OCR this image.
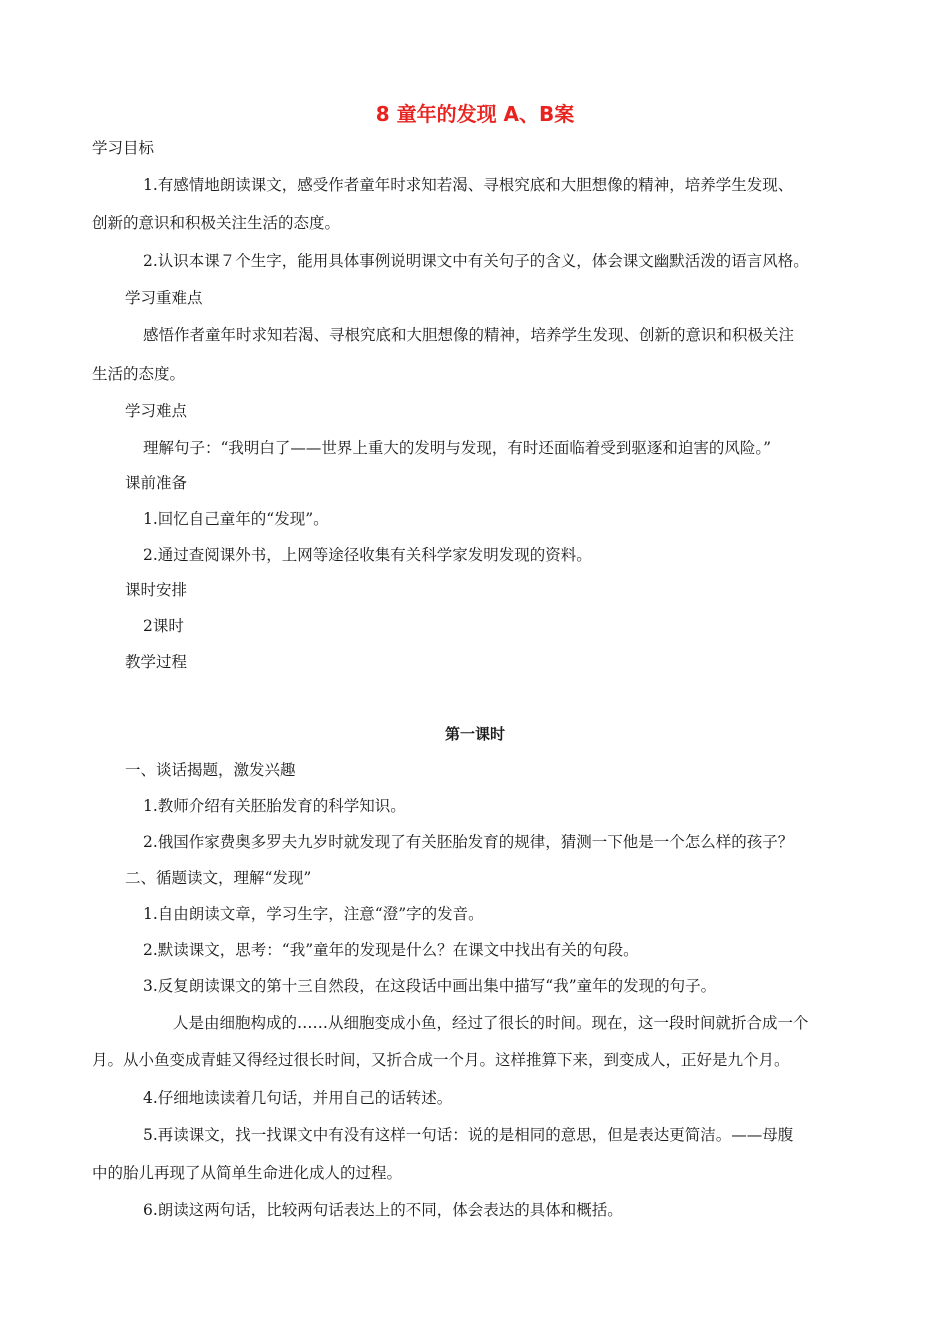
8 童年的发现 A、B案

学习目标

1.有感情地朗读课文，感受作者童年时求知若渴、寻根究底和大胆想像的精神，培养学生发现、

创新的意识和积极关注生活的态度。

2.认识本课７个生字，能用具体事例说明课文中有关句子的含义，体会课文幽默活泼的语言风格。

学习重难点

感悟作者童年时求知若渴、寻根究底和大胆想像的精神，培养学生发现、创新的意识和积极关注

生活的态度。

学习难点

理解句子：“我明白了——世界上重大的发明与发现，有时还面临着受到驱逐和迫害的风险。”

课前准备

1.回忆自己童年的“发现”。

2.通过查阅课外书，上网等途径收集有关科学家发明发现的资料。

课时安排

2课时

教学过程

第一课时

一、谈话揭题，激发兴趣

1.教师介绍有关胚胎发育的科学知识。

2.俄国作家费奥多罗夫九岁时就发现了有关胚胎发育的规律，猜测一下他是一个怎么样的孩子？

二、循题读文，理解“发现”

1.自由朗读文章，学习生字，注意“澄”字的发音。

2.默读课文，思考：“我”童年的发现是什么？在课文中找出有关的句段。

3.反复朗读课文的第十三自然段，在这段话中画出集中描写“我”童年的发现的句子。

人是由细胞构成的……从细胞变成小鱼，经过了很长的时间。现在，这一段时间就折合成一个

月。从小鱼变成青蛙又得经过很长时间，又折合成一个月。这样推算下来，到变成人，正好是九个月。

4.仔细地读读着几句话，并用自己的话转述。

5.再读课文，找一找课文中有没有这样一句话：说的是相同的意思，但是表达更简洁。——母腹

中的胎儿再现了从简单生命进化成人的过程。

6.朗读这两句话，比较两句话表达上的不同，体会表达的具体和概括。
